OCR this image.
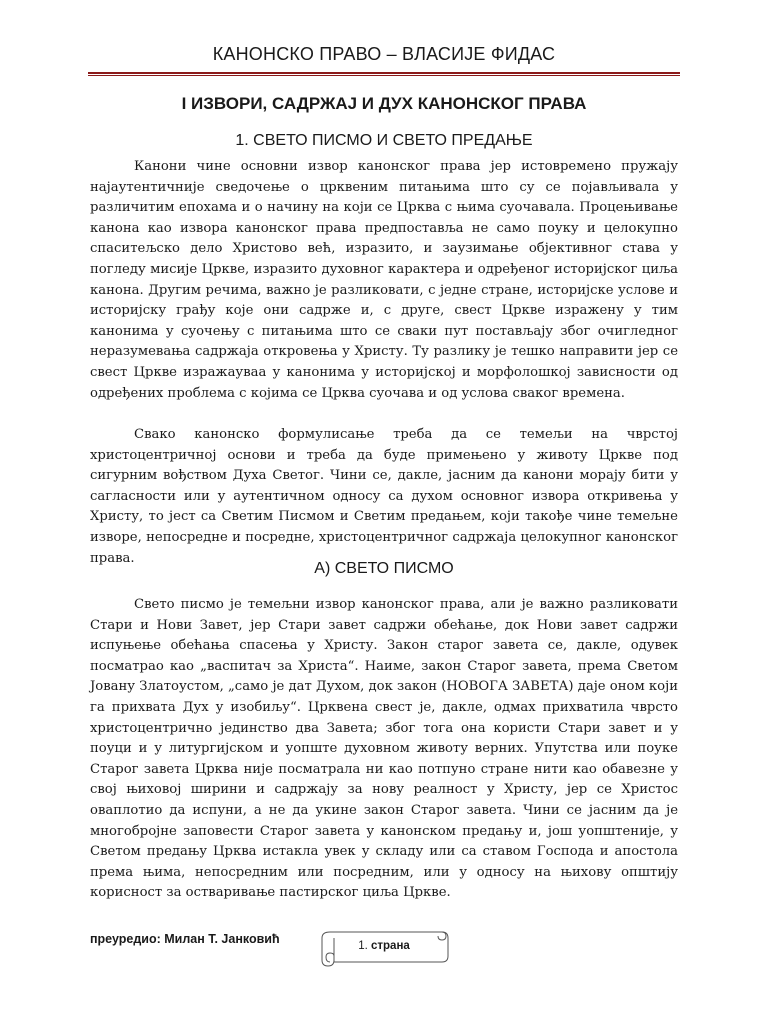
КАНОНСКО ПРАВО – ВЛАСИЈЕ ФИДАС
I ИЗВОРИ, САДРЖАЈ И ДУХ КАНОНСКОГ ПРАВА
1. СВЕТО ПИСМО И СВЕТО ПРЕДАЊЕ

Канони чине основни извор канонског права јер истовремено пружају најаутентичније сведочење о црквеним питањима што су се појављивала у различитим епохама и о начину на који се Црква с њима суочавала. Процењивање канона као извора канонског права предпоставља не само поуку и целокупно спаситељско дело Христово већ, изразито, и заузимање објективног става у погледу мисије Цркве, изразито духовног карактера и одређеног историјског циља канона. Другим речима, важно је разликовати, с једне стране, историјске услове и историјску грађу које они садрже и, с друге, свест Цркве изражену у тим канонима у суочењу с питањима што се сваки пут постављају због очигледног неразумевања садржаја откровења у Христу. Ту разлику је тешко направити јер се свест Цркве изражауваа у канонима у историјској и морфолошкој зависности од одређених проблема с којима се Црква суочава и од услова сваког времена.

Свако канонско формулисање треба да се темељи на чврстој христоцентричној основи и треба да буде примењено у животу Цркве под сигурним вођством Духа Светог. Чини се, дакле, јасним да канони морају бити у сагласности или у аутентичном односу са духом основног извора откривења у Христу, то јест са Светим Писмом и Светим предањем, који такође чине темељне изворе, непосредне и посредне, христоцентричног садржаја целокупног канонског права.

А) СВЕТО ПИСМО

Свето писмо је темељни извор канонског права, али је важно разликовати Стари и Нови Завет, јер Стари завет садржи обећање, док Нови завет садржи испуњење обећања спасења у Христу. Закон старог завета се, дакле, одувек посматрао као „васпитач за Христа“. Наиме, закон Старог завета, према Светом Јовану Златоустом, „само је дат Духом, док закон (НОВОГА ЗАВЕТА) даје оном који га прихвата Дух у изобиљу“. Црквена свест је, дакле, одмах прихватила чврсто христоцентрично јединство два Завета; због тога она користи Стари завет и у поуци и у литургијском и уопште духовном животу верних. Упутства или поуке Старог завета Црква није посматрала ни као потпуно стране нити као обавезне у свој њиховој ширини и садржају за нову реалност у Христу, јер се Христос оваплотио да испуни, а не да укине закон Старог завета. Чини се јасним да је многобројне заповести Старог завета у канонском предању и, још уопштеније, у Светом предању Црква истакла увек у складу или са ставом Господа и апостола према њима, непосредним или посредним, или у односу на њихову општију корисност за остваривање пастирског циља Цркве.

преуредио: Милан Т. Јанковић	1. страна
